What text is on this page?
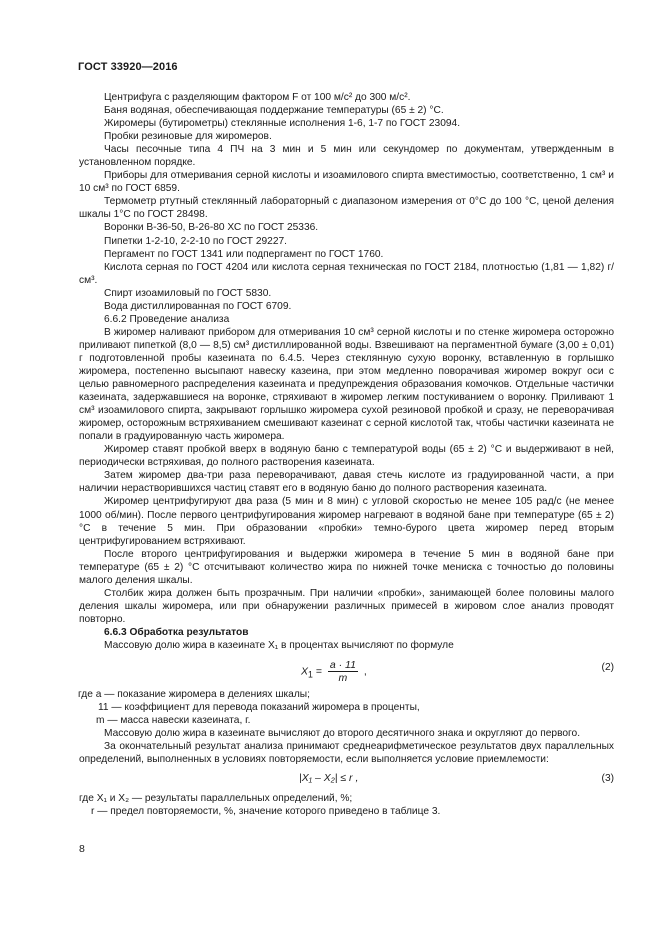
ГОСТ 33920—2016

Центрифуга с разделяющим фактором F от 100 м/с² до 300 м/с².

Баня водяная, обеспечивающая поддержание температуры (65 ± 2) °С.

Жиромеры (бутирометры) стеклянные исполнения 1-6, 1-7 по ГОСТ 23094.

Пробки резиновые для жиромеров.

Часы песочные типа 4 ПЧ на 3 мин и 5 мин или секундомер по документам, утвержденным в установленном порядке.

Приборы для отмеривания серной кислоты и изоамилового спирта вместимостью, соответственно, 1 см³ и 10 см³ по ГОСТ 6859.

Термометр ртутный стеклянный лабораторный с диапазоном измерения от 0°С до 100 °С, ценой деления шкалы 1°С по ГОСТ 28498.

Воронки В-36-50, В-26-80 ХС по ГОСТ 25336.

Пипетки 1-2-10, 2-2-10 по ГОСТ 29227.

Пергамент по ГОСТ 1341 или подпергамент по ГОСТ 1760.

Кислота серная по ГОСТ 4204 или кислота серная техническая по ГОСТ 2184, плотностью (1,81 — 1,82) г/см³.

Спирт изоамиловый по ГОСТ 5830.

Вода дистиллированная по ГОСТ 6709.

6.6.2 Проведение анализа

В жиромер наливают прибором для отмеривания 10 см³ серной кислоты и по стенке жиромера осторожно приливают пипеткой (8,0 — 8,5) см³ дистиллированной воды. Взвешивают на пергаментной бумаге (3,00 ± 0,01) г подготовленной пробы казеината по 6.4.5. Через стеклянную сухую воронку, вставленную в горлышко жиромера, постепенно высыпают навеску казеина, при этом медленно поворачивая жиромер вокруг оси с целью равномерного распределения казеината и предупреждения образования комочков. Отдельные частички казеината, задержавшиеся на воронке, стряхивают в жиромер легким постукиванием о воронку. Приливают 1 см³ изоамилового спирта, закрывают горлышко жиромера сухой резиновой пробкой и сразу, не переворачивая жиромер, осторожным встряхиванием смешивают казеинат с серной кислотой так, чтобы частички казеината не попали в градуированную часть жиромера.

Жиромер ставят пробкой вверх в водяную баню с температурой воды (65 ± 2) °С и выдерживают в ней, периодически встряхивая, до полного растворения казеината.

Затем жиромер два-три раза переворачивают, давая стечь кислоте из градуированной части, а при наличии нерастворившихся частиц ставят его в водяную баню до полного растворения казеината.

Жиромер центрифугируют два раза (5 мин и 8 мин) с угловой скоростью не менее 105 рад/с (не менее 1000 об/мин). После первого центрифугирования жиромер нагревают в водяной бане при температуре (65 ± 2) °С в течение 5 мин. При образовании «пробки» темно-бурого цвета жиромер перед вторым центрифугированием встряхивают.

После второго центрифугирования и выдержки жиромера в течение 5 мин в водяной бане при температуре (65 ± 2) °С отсчитывают количество жира по нижней точке мениска с точностью до половины малого деления шкалы.

Столбик жира должен быть прозрачным. При наличии «пробки», занимающей более половины малого деления шкалы жиромера, или при обнаружении различных примесей в жировом слое анализ проводят повторно.

6.6.3 Обработка результатов

Массовую долю жира в казеинате X₁ в процентах вычисляют по формуле

$X_1 = \frac{a \cdot 11}{m}$ ,	(2)

где a — показание жиромера в делениях шкалы;

11 — коэффициент для перевода показаний жиромера в проценты,

m — масса навески казеината, г.

Массовую долю жира в казеинате вычисляют до второго десятичного знака и округляют до первого.

За окончательный результат анализа принимают среднеарифметическое результатов двух параллельных определений, выполненных в условиях повторяемости, если выполняется условие приемлемости:

|X₁ – X₂| ≤ r ,	(3)

где X₁ и X₂ — результаты параллельных определений, %;

r — предел повторяемости, %, значение которого приведено в таблице 3.

8
